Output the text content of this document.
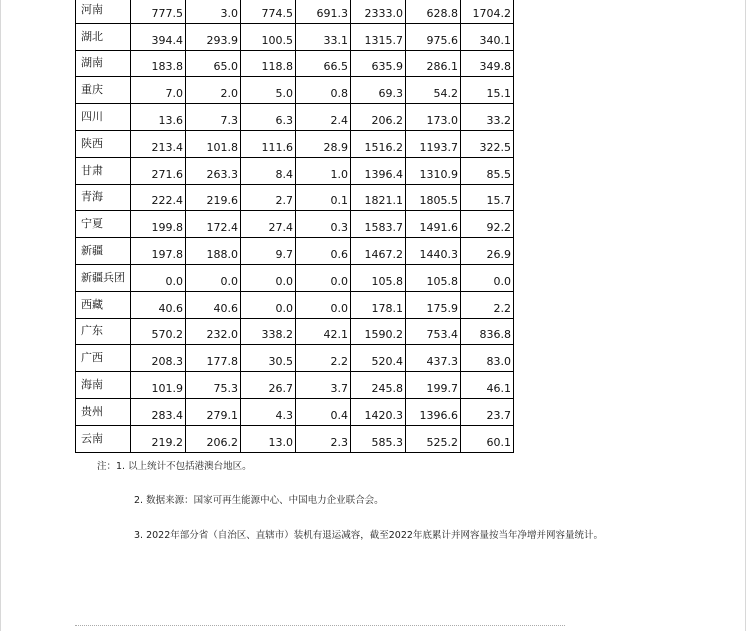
河南	777.5	3.0	774.5	691.3	2333.0	628.8	1704.2
湖北	394.4	293.9	100.5	33.1	1315.7	975.6	340.1
湖南	183.8	65.0	118.8	66.5	635.9	286.1	349.8
重庆	7.0	2.0	5.0	0.8	69.3	54.2	15.1
四川	13.6	7.3	6.3	2.4	206.2	173.0	33.2
陕西	213.4	101.8	111.6	28.9	1516.2	1193.7	322.5
甘肃	271.6	263.3	8.4	1.0	1396.4	1310.9	85.5
青海	222.4	219.6	2.7	0.1	1821.1	1805.5	15.7
宁夏	199.8	172.4	27.4	0.3	1583.7	1491.6	92.2
新疆	197.8	188.0	9.7	0.6	1467.2	1440.3	26.9
新疆兵团	0.0	0.0	0.0	0.0	105.8	105.8	0.0
西藏	40.6	40.6	0.0	0.0	178.1	175.9	2.2
广东	570.2	232.0	338.2	42.1	1590.2	753.4	836.8
广西	208.3	177.8	30.5	2.2	520.4	437.3	83.0
海南	101.9	75.3	26.7	3.7	245.8	199.7	46.1
贵州	283.4	279.1	4.3	0.4	1420.3	1396.6	23.7
云南	219.2	206.2	13.0	2.3	585.3	525.2	60.1
注：1. 以上统计不包括港澳台地区。
2. 数据来源：国家可再生能源中心、中国电力企业联合会。
3. 2022年部分省（自治区、直辖市）装机有退运减容，截至2022年底累计并网容量按当年净增并网容量统计。
